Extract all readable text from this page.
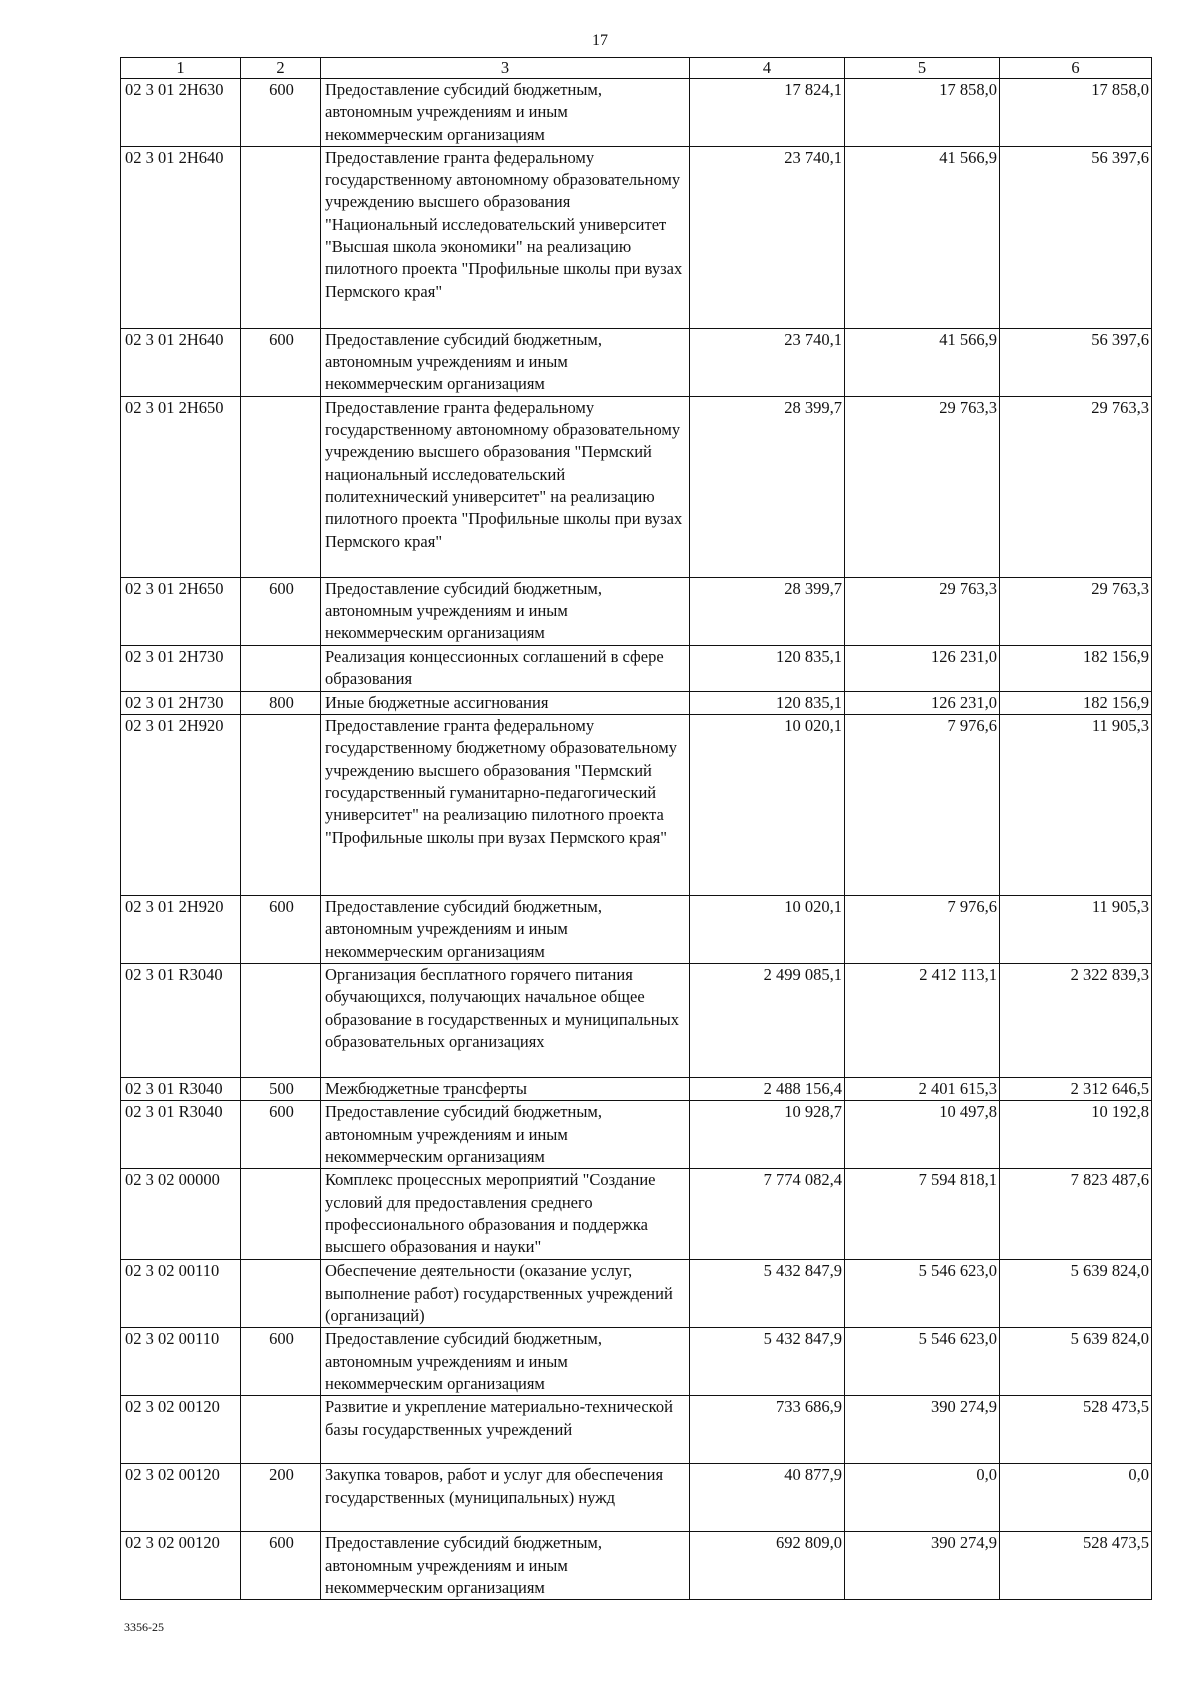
17
1	2	3	4	5	6
02 3 01 2Н630	600	Предоставление субсидий бюджетным, автономным учреждениям и иным некоммерческим организациям	17 824,1	17 858,0	17 858,0
02 3 01 2Н640		Предоставление гранта федеральному государственному автономному образовательному учреждению высшего образования "Национальный исследовательский университет "Высшая школа экономики" на реализацию пилотного проекта "Профильные школы при вузах Пермского края"	23 740,1	41 566,9	56 397,6
02 3 01 2Н640	600	Предоставление субсидий бюджетным, автономным учреждениям и иным некоммерческим организациям	23 740,1	41 566,9	56 397,6
02 3 01 2Н650		Предоставление гранта федеральному государственному автономному образовательному учреждению высшего образования "Пермский национальный исследовательский политехнический университет" на реализацию пилотного проекта "Профильные школы при вузах Пермского края"	28 399,7	29 763,3	29 763,3
02 3 01 2Н650	600	Предоставление субсидий бюджетным, автономным учреждениям и иным некоммерческим организациям	28 399,7	29 763,3	29 763,3
02 3 01 2Н730		Реализация концессионных соглашений в сфере образования	120 835,1	126 231,0	182 156,9
02 3 01 2Н730	800	Иные бюджетные ассигнования	120 835,1	126 231,0	182 156,9
02 3 01 2Н920		Предоставление гранта федеральному государственному бюджетному образовательному учреждению высшего образования "Пермский государственный гуманитарно-педагогический университет" на реализацию пилотного проекта "Профильные школы при вузах Пермского края"	10 020,1	7 976,6	11 905,3
02 3 01 2Н920	600	Предоставление субсидий бюджетным, автономным учреждениям и иным некоммерческим организациям	10 020,1	7 976,6	11 905,3
02 3 01 R3040		Организация бесплатного горячего питания обучающихся, получающих начальное общее образование в государственных и муниципальных образовательных организациях	2 499 085,1	2 412 113,1	2 322 839,3
02 3 01 R3040	500	Межбюджетные трансферты	2 488 156,4	2 401 615,3	2 312 646,5
02 3 01 R3040	600	Предоставление субсидий бюджетным, автономным учреждениям и иным некоммерческим организациям	10 928,7	10 497,8	10 192,8
02 3 02 00000		Комплекс процессных мероприятий "Создание условий для предоставления среднего профессионального образования и поддержка высшего образования и науки"	7 774 082,4	7 594 818,1	7 823 487,6
02 3 02 00110		Обеспечение деятельности (оказание услуг, выполнение работ) государственных учреждений (организаций)	5 432 847,9	5 546 623,0	5 639 824,0
02 3 02 00110	600	Предоставление субсидий бюджетным, автономным учреждениям и иным некоммерческим организациям	5 432 847,9	5 546 623,0	5 639 824,0
02 3 02 00120		Развитие и укрепление материально-технической базы государственных учреждений	733 686,9	390 274,9	528 473,5
02 3 02 00120	200	Закупка товаров, работ и услуг для обеспечения государственных (муниципальных) нужд	40 877,9	0,0	0,0
02 3 02 00120	600	Предоставление субсидий бюджетным, автономным учреждениям и иным некоммерческим организациям	692 809,0	390 274,9	528 473,5
3356-25
